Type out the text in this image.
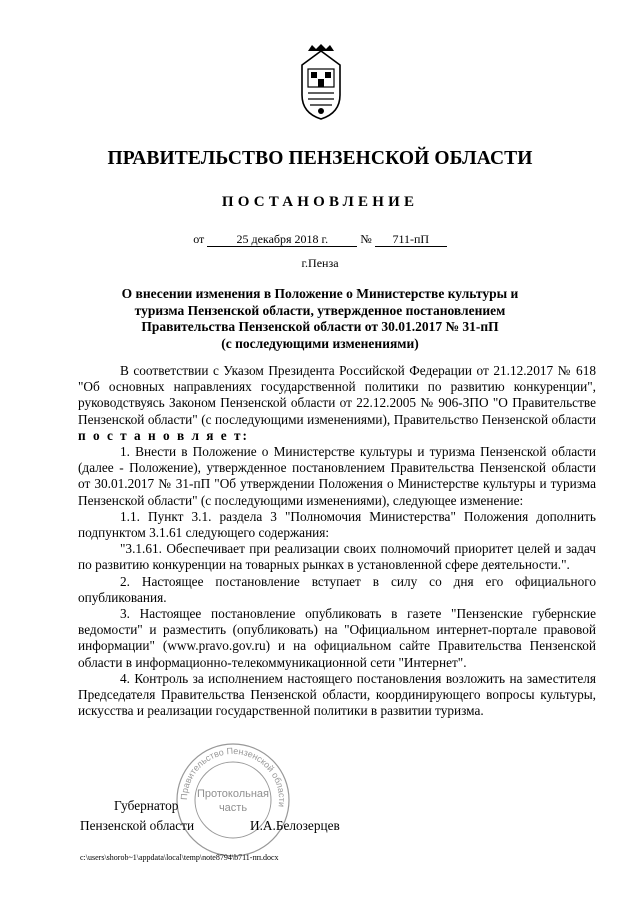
ПРАВИТЕЛЬСТВО ПЕНЗЕНСКОЙ ОБЛАСТИ
ПОСТАНОВЛЕНИЕ
от	25 декабря 2018 г.	№ 711-пП
г.Пенза
О внесении изменения в Положение о Министерстве культуры и
туризма Пензенской области, утвержденное постановлением
Правительства Пензенской области от 30.01.2017 № 31-пП
(с последующими изменениями)

В соответствии с Указом Президента Российской Федерации от 21.12.2017 № 618 "Об основных направлениях государственной политики по развитию конкуренции", руководствуясь Законом Пензенской области от 22.12.2005 № 906-ЗПО "О Правительстве Пензенской области" (с последующими изменениями), Правительство Пензенской области п о с т а н о в л я е т:

1. Внести в Положение о Министерстве культуры и туризма Пензенской области (далее - Положение), утвержденное постановлением Правительства Пензенской области от 30.01.2017 № 31-пП "Об утверждении Положения о Министерстве культуры и туризма Пензенской области" (с последующими изменениями), следующее изменение:

1.1. Пункт 3.1. раздела 3 "Полномочия Министерства" Положения дополнить подпунктом 3.1.61 следующего содержания:

"3.1.61. Обеспечивает при реализации своих полномочий приоритет целей и задач по развитию конкуренции на товарных рынках в установленной сфере деятельности.".

2. Настоящее постановление вступает в силу со дня его официального опубликования.

3. Настоящее постановление опубликовать в газете "Пензенские губернские ведомости" и разместить (опубликовать) на "Официальном интернет-портале правовой информации" (www.pravo.gov.ru) и на официальном сайте Правительства Пензенской области в информационно-телекоммуникационной сети "Интернет".

4. Контроль за исполнением настоящего постановления возложить на заместителя Председателя Правительства Пензенской области, координирующего вопросы культуры, искусства и реализации государственной политики в развитии туризма.

Правительство Пензенской области
Протокольная
часть
Губернатор
Пензенской области	И.А.Белозерцев
c:\users\shorob~1\appdata\local\temp\note8794\b711-пп.docx
